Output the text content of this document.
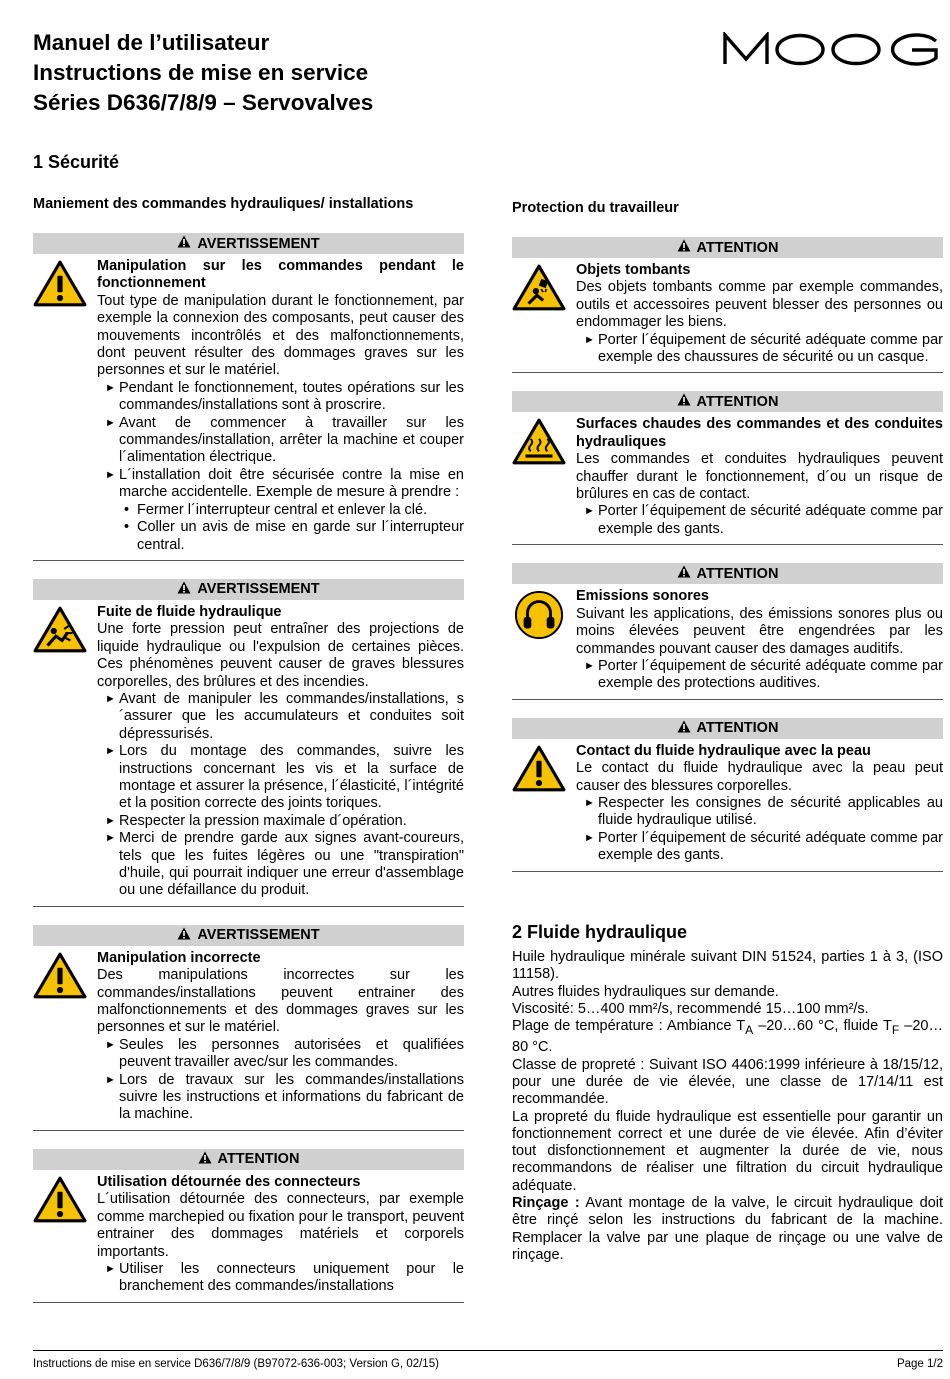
Manuel de l’utilisateur
Instructions de mise en service
Séries D636/7/8/9 – Servovalves
1 Sécurité
Maniement des commandes hydrauliques/ installations	Protection du travailleur
AVERTISSEMENT
Manipulation sur les commandes pendant le fonctionnement
Tout type de manipulation durant le fonctionnement, par exemple la connexion des composants, peut causer des mouvements incontrôlés et des malfonctionnements, dont peuvent résulter des dommages graves sur les personnes et sur le matériel.
► Pendant le fonctionnement, toutes opérations sur les commandes/installations sont à proscrire.
► Avant de commencer à travailler sur les commandes/installation, arrêter la machine et couper l´alimentation électrique.
► L´installation doit être sécurisée contre la mise en marche accidentelle. Exemple de mesure à prendre :
• Fermer l´interrupteur central et enlever la clé.
• Coller un avis de mise en garde sur l´interrupteur central.
AVERTISSEMENT
Fuite de fluide hydraulique
Une forte pression peut entraîner des projections de liquide hydraulique ou l'expulsion de certaines pièces. Ces phénomènes peuvent causer de graves blessures corporelles, des brûlures et des incendies.
► Avant de manipuler les commandes/installations, s´assurer que les accumulateurs et conduites soit dépressurisés.
► Lors du montage des commandes, suivre les instructions concernant les vis et la surface de montage et assurer la présence, l´élasticité, l´intégrité et la position correcte des joints toriques.
► Respecter la pression maximale d´opération.
► Merci de prendre garde aux signes avant-coureurs, tels que les fuites légères ou une "transpiration" d'huile, qui pourrait indiquer une erreur d'assemblage ou une défaillance du produit.
AVERTISSEMENT
Manipulation incorrecte
Des manipulations incorrectes sur les commandes/installations peuvent entrainer des malfonctionnements et des dommages graves sur les personnes et sur le matériel.
► Seules les personnes autorisées et qualifiées peuvent travailler avec/sur les commandes.
► Lors de travaux sur les commandes/installations suivre les instructions et informations du fabricant de la machine.
ATTENTION
Utilisation détournée des connecteurs
L´utilisation détournée des connecteurs, par exemple comme marchepied ou fixation pour le transport, peuvent entrainer des dommages matériels et corporels importants.
► Utiliser les connecteurs uniquement pour le branchement des commandes/installations
ATTENTION
Objets tombants
Des objets tombants comme par exemple commandes, outils et accessoires peuvent blesser des personnes ou endommager les biens.
► Porter l´équipement de sécurité adéquate comme par exemple des chaussures de sécurité ou un casque.
ATTENTION
Surfaces chaudes des commandes et des conduites hydrauliques
Les commandes et conduites hydrauliques peuvent chauffer durant le fonctionnement, d´ou un risque de brûlures en cas de contact.
► Porter l´équipement de sécurité adéquate comme par exemple des gants.
ATTENTION
Emissions sonores
Suivant les applications, des émissions sonores plus ou moins élevées peuvent être engendrées par les commandes pouvant causer des damages auditifs.
► Porter l´équipement de sécurité adéquate comme par exemple des protections auditives.
ATTENTION
Contact du fluide hydraulique avec la peau
Le contact du fluide hydraulique avec la peau peut causer des blessures corporelles.
► Respecter les consignes de sécurité applicables au fluide hydraulique utilisé.
► Porter l´équipement de sécurité adéquate comme par exemple des gants.
2 Fluide hydraulique
Huile hydraulique minérale suivant DIN 51524, parties 1 à 3, (ISO 11158).
Autres fluides hydrauliques sur demande.
Viscosité: 5…400 mm²/s, recommendé 15…100 mm²/s.
Plage de température : Ambiance $T_A$ –20…60 °C, fluide $T_F$ –20…80 °C.
Classe de propreté : Suivant ISO 4406:1999 inférieure à 18/15/12, pour une durée de vie élevée, une classe de 17/14/11 est recommandée.
La propreté du fluide hydraulique est essentielle pour garantir un fonctionnement correct et une durée de vie élevée. Afin d’éviter tout disfonctionnement et augmenter la durée de vie, nous recommandons de réaliser une filtration du circuit hydraulique adéquate.
Rinçage : Avant montage de la valve, le circuit hydraulique doit être rinçé selon les instructions du fabricant de la machine. Remplacer la valve par une plaque de rinçage ou une valve de rinçage.
Instructions de mise en service D636/7/8/9 (B97072-636-003; Version G, 02/15)	Page 1/2
